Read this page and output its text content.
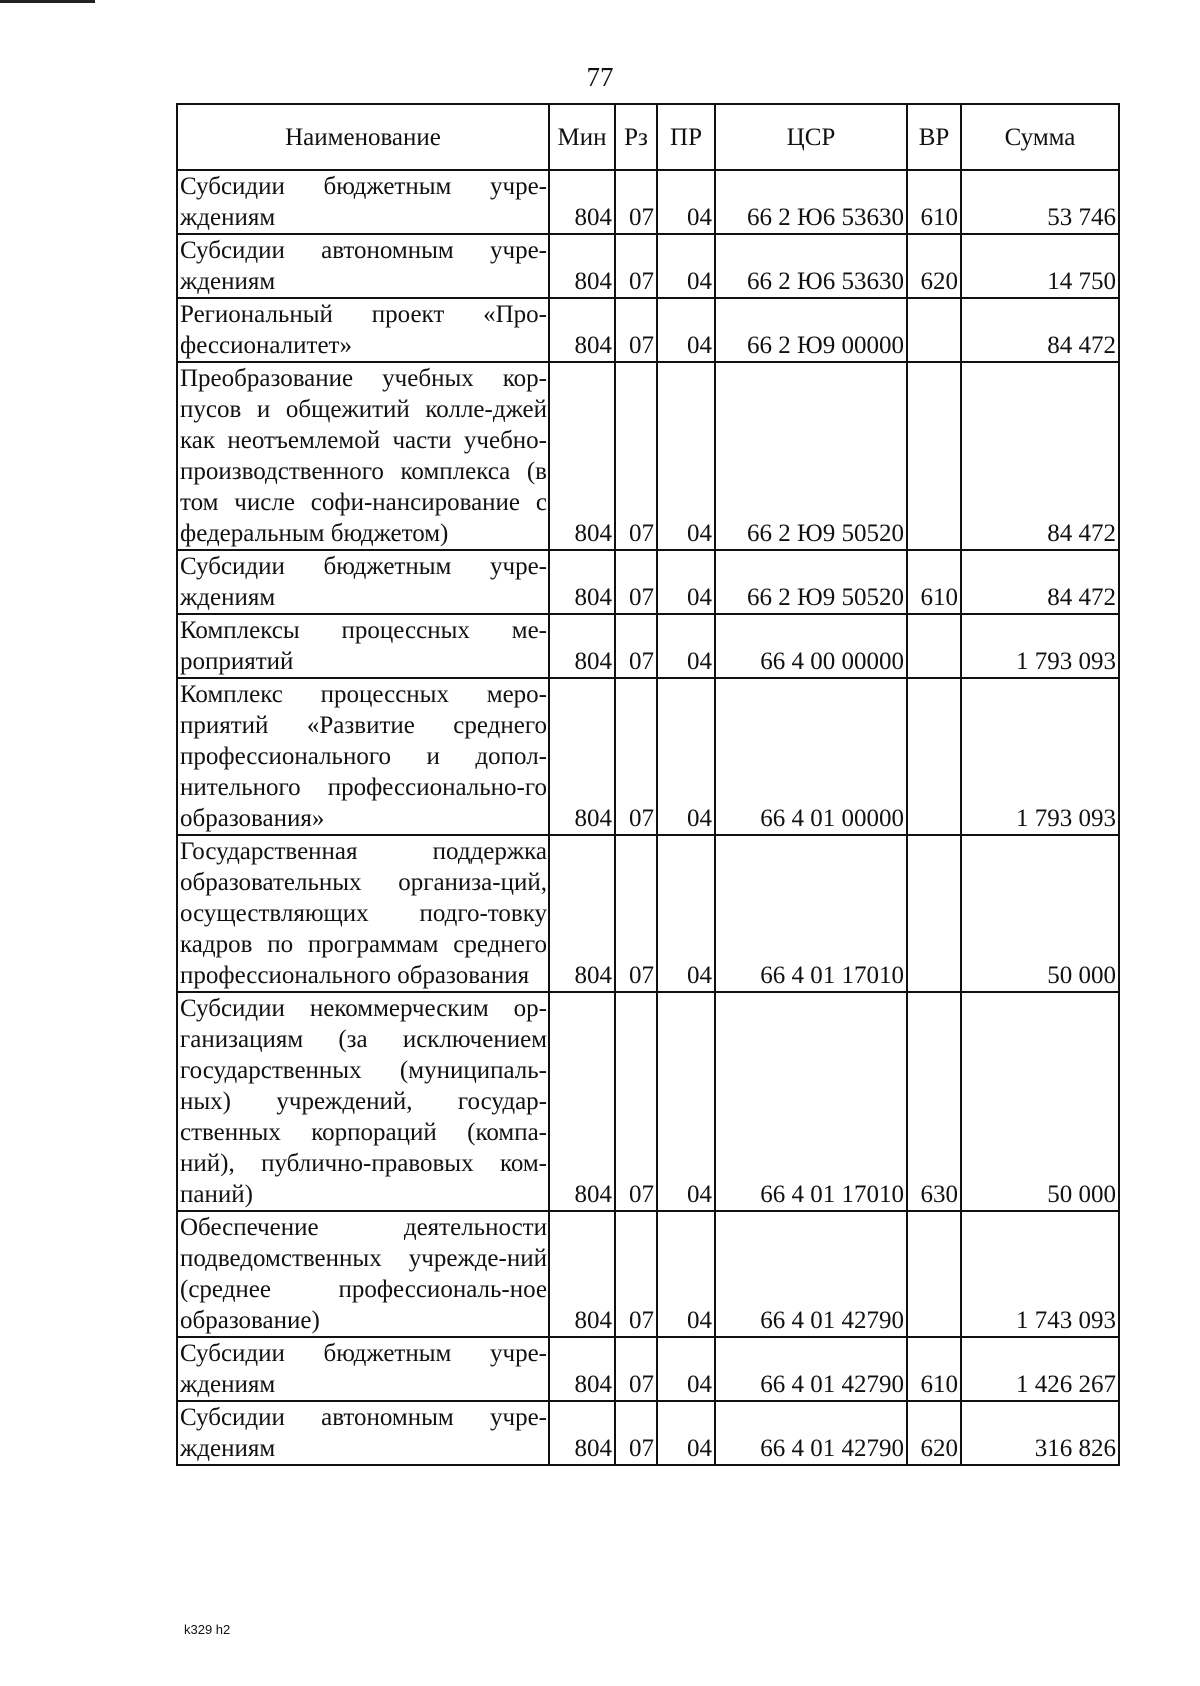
77
Наименование	Мин	Рз	ПР	ЦСР	ВР	Сумма
Субсидии бюджетным учре-ждениям	804	07	04	66 2 Ю6 53630	610	53 746
Субсидии автономным учре-ждениям	804	07	04	66 2 Ю6 53630	620	14 750
Региональный проект «Про-фессионалитет»	804	07	04	66 2 Ю9 00000		84 472
Преобразование учебных кор-пусов и общежитий колле-джей как неотъемлемой части учебно-производственного комплекса (в том числе софи-нансирование с федеральным бюджетом)	804	07	04	66 2 Ю9 50520		84 472
Субсидии бюджетным учре-ждениям	804	07	04	66 2 Ю9 50520	610	84 472
Комплексы процессных ме-роприятий	804	07	04	66 4 00 00000		1 793 093
Комплекс процессных меро-приятий «Развитие среднего профессионального и допол-нительного профессионально-го образования»	804	07	04	66 4 01 00000		1 793 093
Государственная поддержка образовательных организа-ций, осуществляющих подго-товку кадров по программам среднего профессионального образования	804	07	04	66 4 01 17010		50 000
Субсидии некоммерческим ор-ганизациям (за исключением государственных (муниципаль-ных) учреждений, государ-ственных корпораций (компа-ний), публично-правовых ком-паний)	804	07	04	66 4 01 17010	630	50 000
Обеспечение деятельности подведомственных учрежде-ний (среднее профессиональ-ное образование)	804	07	04	66 4 01 42790		1 743 093
Субсидии бюджетным учре-ждениям	804	07	04	66 4 01 42790	610	1 426 267
Субсидии автономным учре-ждениям	804	07	04	66 4 01 42790	620	316 826
k329 h2
